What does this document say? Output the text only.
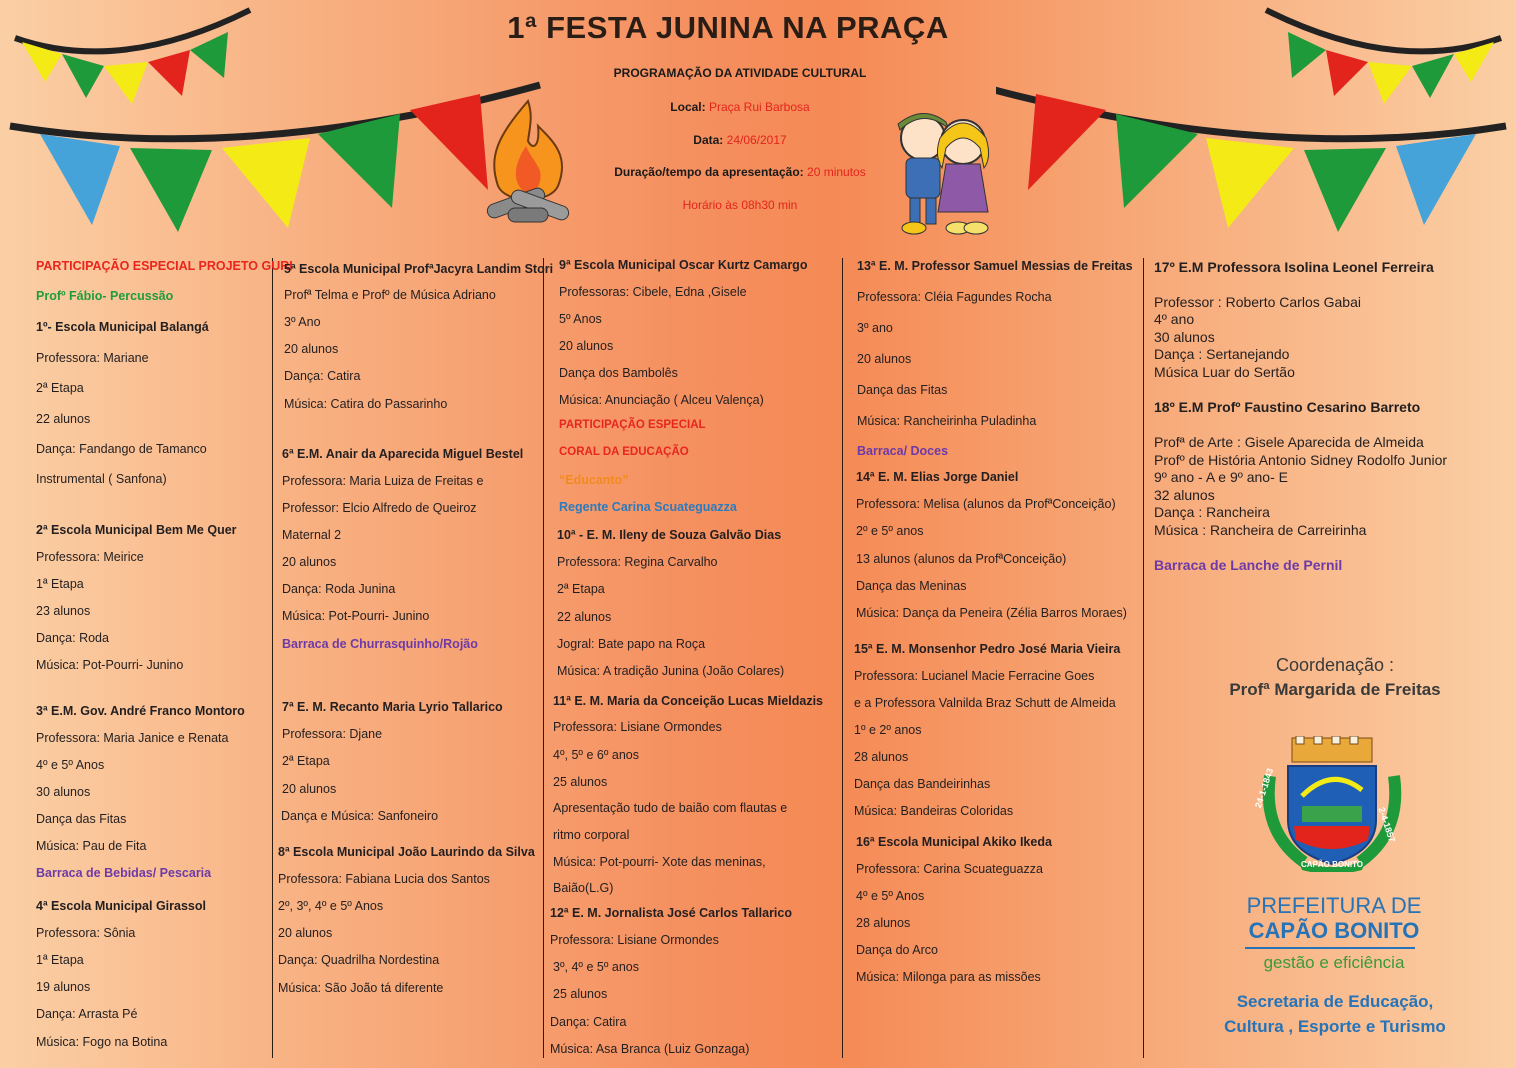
1ª FESTA JUNINA NA PRAÇA
PROGRAMAÇÃO DA ATIVIDADE CULTURAL
Local: Praça Rui Barbosa
Data: 24/06/2017
Duração/tempo da apresentação: 20 minutos
Horário às 08h30 min
PARTICIPAÇÃO ESPECIAL PROJETO GURI
Profº Fábio- Percussão
1º- Escola Municipal Balangá
Professora: Mariane
2ª Etapa
22 alunos
Dança: Fandango de Tamanco
Instrumental ( Sanfona)
2ª Escola Municipal Bem Me Quer
Professora: Meirice
1ª Etapa
23 alunos
Dança: Roda
Música: Pot-Pourri- Junino
3ª E.M. Gov. André Franco Montoro
Professora: Maria Janice e Renata
4º e 5º Anos
30 alunos
Dança das Fitas
Música: Pau de Fita
Barraca de Bebidas/ Pescaria
4ª Escola Municipal Girassol
Professora: Sônia
1ª Etapa
19 alunos
Dança: Arrasta Pé
Música: Fogo na Botina
5ª Escola Municipal ProfªJacyra Landim Stori
Profª Telma e Profº de Música Adriano
3º Ano
20 alunos
Dança: Catira
Música: Catira do Passarinho
6ª E.M. Anair da Aparecida Miguel Bestel
Professora: Maria Luiza de Freitas e
Professor: Elcio Alfredo de Queiroz
Maternal 2
20 alunos
Dança: Roda Junina
Música: Pot-Pourri- Junino
Barraca de Churrasquinho/Rojão
7ª E. M. Recanto Maria Lyrio Tallarico
Professora: Djane
2ª Etapa
20 alunos
Dança e Música: Sanfoneiro
8ª Escola Municipal João Laurindo da Silva
Professora: Fabiana Lucia dos Santos
2º, 3º, 4º e 5º Anos
20 alunos
Dança: Quadrilha Nordestina
Música: São João tá diferente
9ª Escola Municipal Oscar Kurtz Camargo
Professoras: Cibele, Edna ,Gisele
5º Anos
20 alunos
Dança dos Bambolês
Música: Anunciação ( Alceu Valença)
PARTICIPAÇÃO ESPECIAL
CORAL DA EDUCAÇÃO
“Educanto”
Regente Carina Scuateguazza
10ª - E. M. Ileny de Souza Galvão Dias
Professora: Regina Carvalho
2ª Etapa
22 alunos
Jogral: Bate papo na Roça
Música: A tradição Junina (João Colares)
11ª E. M. Maria da Conceição Lucas Mieldazis
Professora: Lisiane Ormondes
4º, 5º e 6º anos
25 alunos
Apresentação tudo de baião com flautas e
ritmo corporal
Música: Pot-pourri- Xote das meninas,
Baião(L.G)
12ª E. M. Jornalista José Carlos Tallarico
Professora: Lisiane Ormondes
3º, 4º e 5º anos
25 alunos
Dança: Catira
Música: Asa Branca (Luiz Gonzaga)
13ª E. M. Professor Samuel Messias de Freitas
Professora: Cléia Fagundes Rocha
3º ano
20 alunos
Dança das Fitas
Música: Rancheirinha Puladinha
Barraca/ Doces
14ª E. M. Elias Jorge Daniel
Professora: Melisa (alunos da ProfªConceição)
2º e 5º anos
13 alunos (alunos da ProfªConceição)
Dança das Meninas
Música: Dança da Peneira (Zélia Barros Moraes)
15ª E. M. Monsenhor Pedro José Maria Vieira
Professora: Lucianel Macie Ferracine Goes
e a Professora Valnilda Braz Schutt de Almeida
1º e 2º anos
28 alunos
Dança das Bandeirinhas
Música: Bandeiras Coloridas
16ª Escola Municipal Akiko Ikeda
Professora: Carina Scuateguazza
4º e 5º Anos
28 alunos
Dança do Arco
Música: Milonga para as missões
17º E.M Professora Isolina Leonel Ferreira
Professor : Roberto Carlos Gabai
4º ano
30 alunos
Dança : Sertanejando
Música Luar do Sertão
18º E.M Profº Faustino Cesarino Barreto
Profª de Arte : Gisele Aparecida de Almeida
Profº de História Antonio Sidney Rodolfo Junior
9º ano - A e 9º ano- E
32 alunos
Dança : Rancheira
Música : Rancheira de Carreirinha
Barraca de Lanche de Pernil
Coordenação :
Profª Margarida de Freitas
24-1-1843
2-4-1857
CAPÃO BONITO
PREFEITURA DE
CAPÃO BONITO
gestão e eficiência
Secretaria de Educação,
Cultura , Esporte e Turismo
